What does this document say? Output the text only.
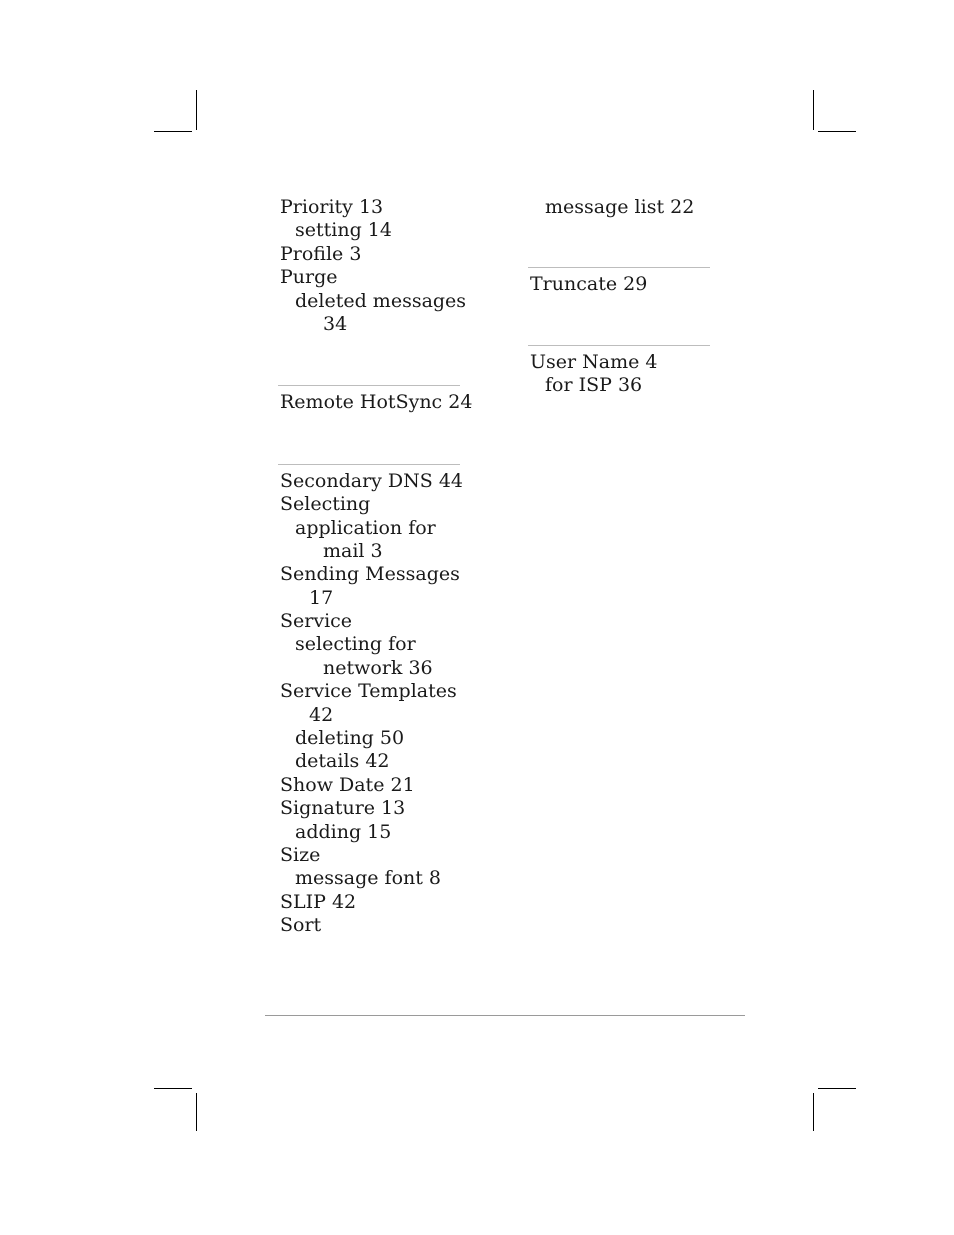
Priority 13
setting 14
Profile 3
Purge
deleted messages
34
Remote HotSync 24
Secondary DNS 44
Selecting
application for
mail 3
Sending Messages
17
Service
selecting for
network 36
Service Templates
42
deleting 50
details 42
Show Date 21
Signature 13
adding 15
Size
message font 8
SLIP 42
Sort
message list 22
Truncate 29
User Name 4
for ISP 36
